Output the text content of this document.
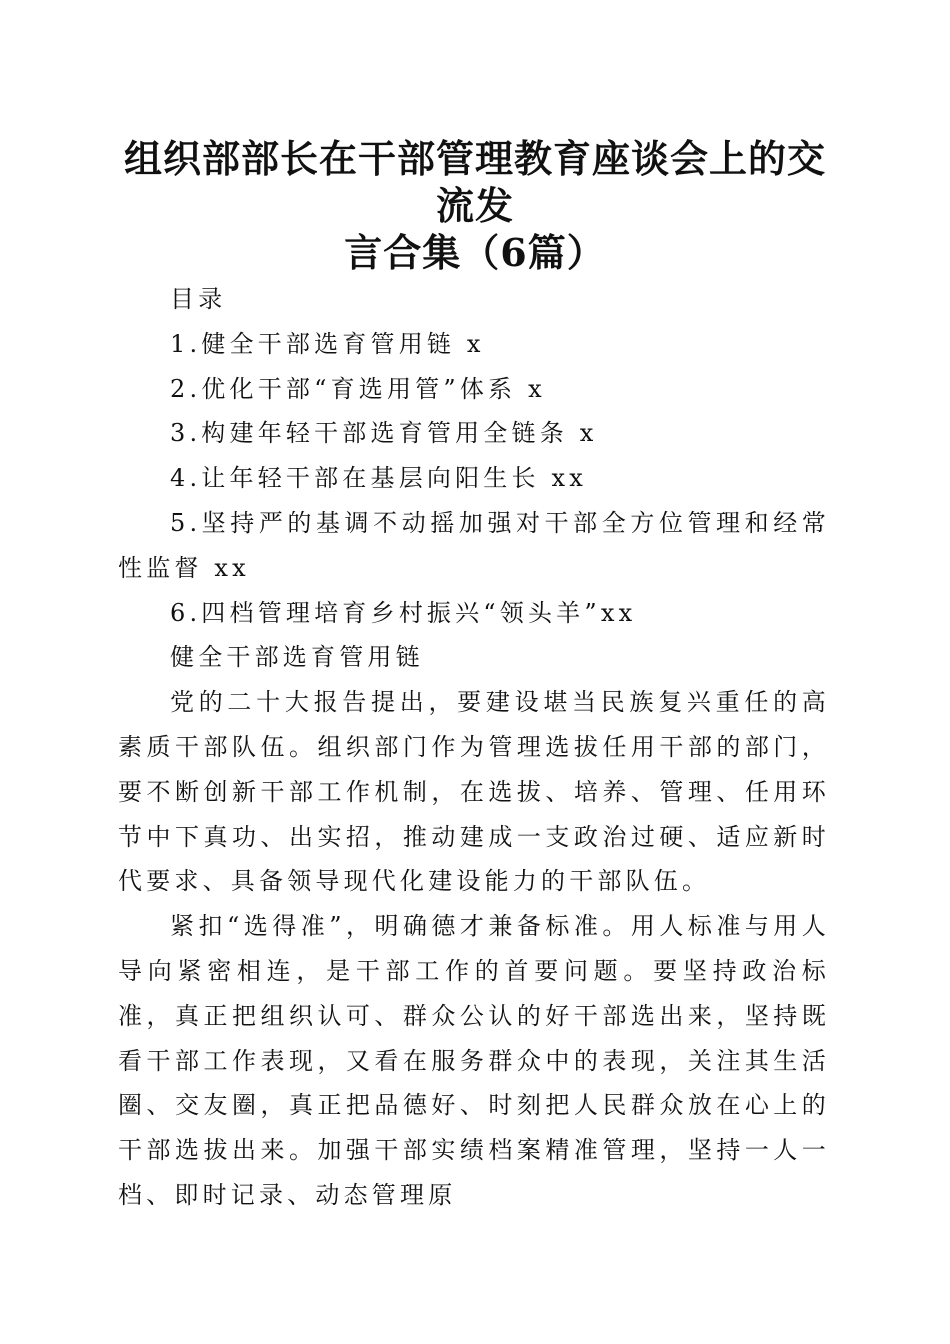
组织部部长在干部管理教育座谈会上的交流发
言合集（6篇）

目录

1.健全干部选育管用链 x

2.优化干部“育选用管”体系 x

3.构建年轻干部选育管用全链条 x

4.让年轻干部在基层向阳生长 xx

5.坚持严的基调不动摇加强对干部全方位管理和经常性监督 xx

6.四档管理培育乡村振兴“领头羊”xx

健全干部选育管用链

党的二十大报告提出，要建设堪当民族复兴重任的高素质干部队伍。组织部门作为管理选拔任用干部的部门，要不断创新干部工作机制，在选拔、培养、管理、任用环节中下真功、出实招，推动建成一支政治过硬、适应新时代要求、具备领导现代化建设能力的干部队伍。

紧扣“选得准”，明确德才兼备标准。用人标准与用人导向紧密相连，是干部工作的首要问题。要坚持政治标准，真正把组织认可、群众公认的好干部选出来，坚持既看干部工作表现，又看在服务群众中的表现，关注其生活圈、交友圈，真正把品德好、时刻把人民群众放在心上的干部选拔出来。加强干部实绩档案精准管理，坚持一人一档、即时记录、动态管理原
